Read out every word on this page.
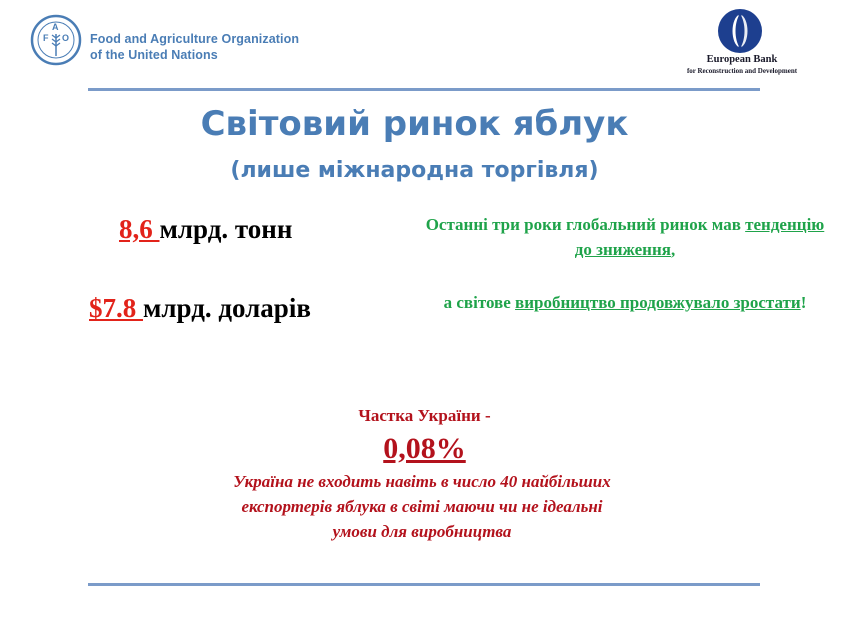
F
A
O Food and Agriculture Organization
of the United Nations	European Bank
for Reconstruction and Development
Світовий ринок яблук
(лише міжнародна торгівля)
8,6 млрд. тонн
$7.8 млрд. доларів
Останні три роки глобальний ринок мав тенденцію до зниження,
а світове виробництво продовжувало зростати!
Частка України -
0,08%
Україна не входить навіть в число 40 найбільших експортерів яблука в світі маючи чи не ідеальні умови для виробництва
